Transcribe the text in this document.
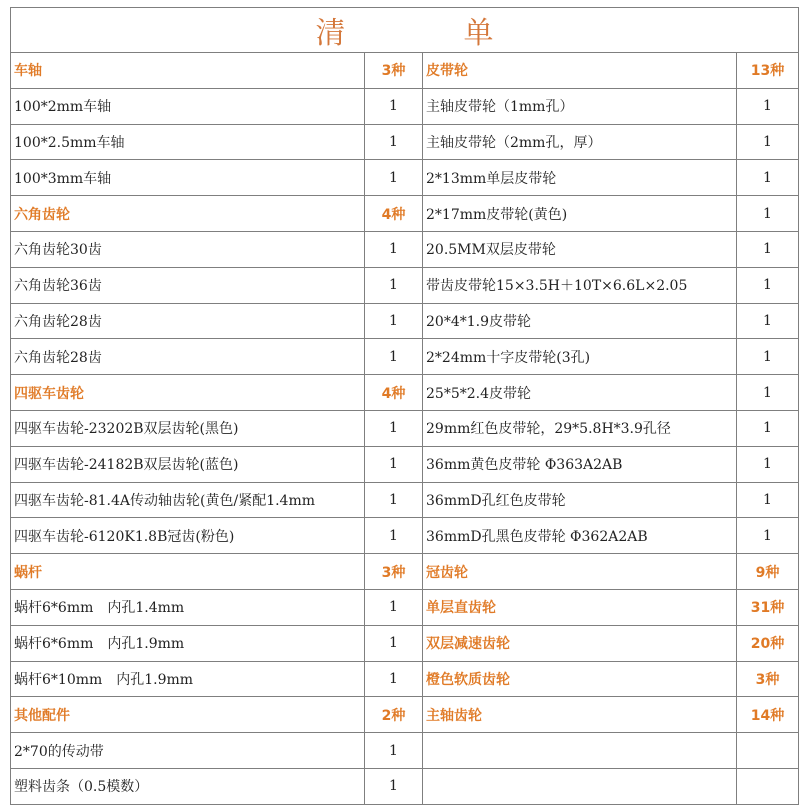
清 单			
车轴	3种	皮带轮	13种
100*2mm车轴	1	主轴皮带轮（1mm孔）	1
100*2.5mm车轴	1	主轴皮带轮（2mm孔，厚）	1
100*3mm车轴	1	2*13mm单层皮带轮	1
六角齿轮	4种	2*17mm皮带轮(黄色)	1
六角齿轮30齿	1	20.5MM双层皮带轮	1
六角齿轮36齿	1	带齿皮带轮15×3.5H＋10T×6.6L×2.05	1
六角齿轮28齿	1	20*4*1.9皮带轮	1
六角齿轮28齿	1	2*24mm十字皮带轮(3孔)	1
四驱车齿轮	4种	25*5*2.4皮带轮	1
四驱车齿轮-23202B双层齿轮(黑色)	1	29mm红色皮带轮，29*5.8H*3.9孔径	1
四驱车齿轮-24182B双层齿轮(蓝色)	1	36mm黄色皮带轮 Φ363A2AB	1
四驱车齿轮-81.4A传动轴齿轮(黄色/紧配1.4mm	1	36mmD孔红色皮带轮	1
四驱车齿轮-6120K1.8B冠齿(粉色)	1	36mmD孔黑色皮带轮 Φ362A2AB	1
蜗杆	3种	冠齿轮	9种
蜗杆6*6mm　内孔1.4mm	1	单层直齿轮	31种
蜗杆6*6mm　内孔1.9mm	1	双层减速齿轮	20种
蜗杆6*10mm　内孔1.9mm	1	橙色软质齿轮	3种
其他配件	2种	主轴齿轮	14种
2*70的传动带	1		
塑料齿条（0.5模数）	1		
